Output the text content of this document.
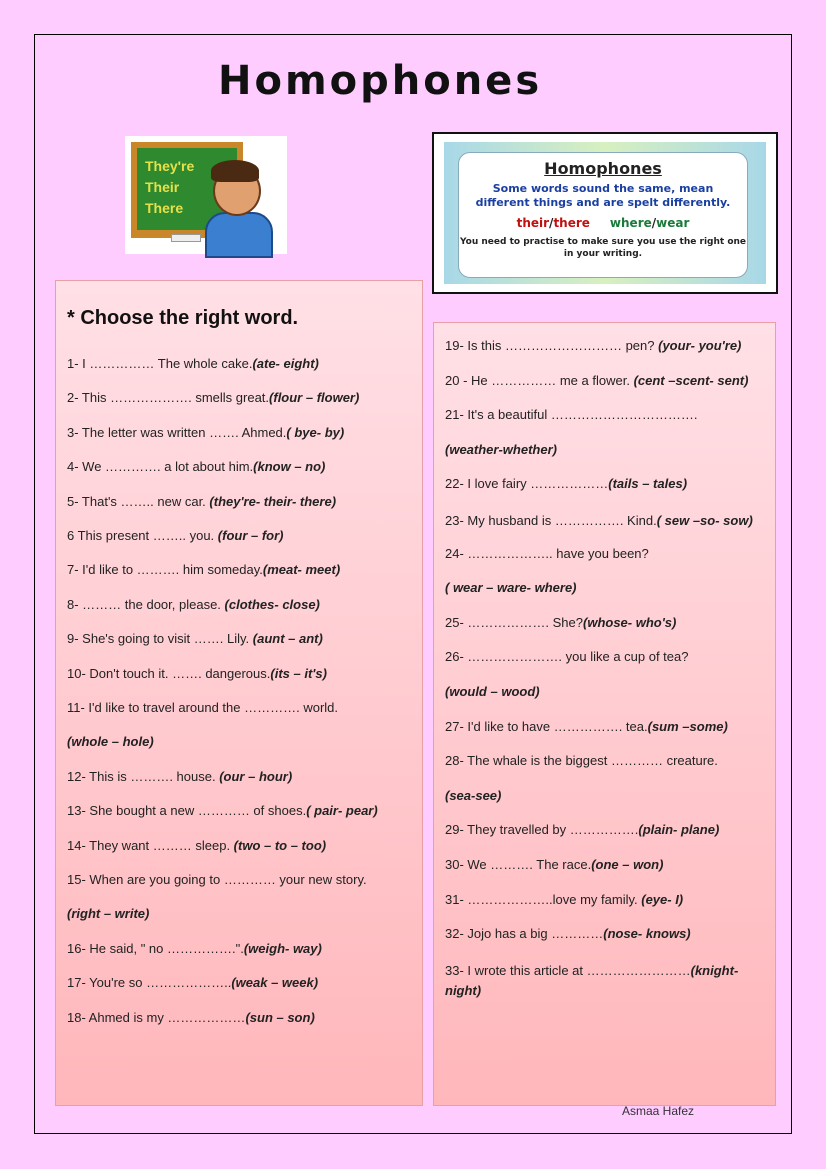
Homophones
They're
Their
There
Homophones
Some words sound the same, mean different things and are spelt differently.
their/there where/wear
You need to practise to make sure you use the right one in your writing.
* Choose the right word.
1- I …………… The whole cake.(ate- eight)
2- This ………………. smells great.(flour – flower)
3- The letter was written ……. Ahmed.( bye- by)
4- We …………. a lot about him.(know – no)
5- That's …….. new car. (they're- their- there)
6 This present …….. you. (four – for)
7- I'd like to ………. him someday.(meat- meet)
8- ……… the door, please. (clothes- close)
9- She's going to visit ……. Lily. (aunt – ant)
10- Don't touch it. ……. dangerous.(its – it's)
11- I'd like to travel around the …………. world.
(whole – hole)
12- This is ………. house. (our – hour)
13- She bought a new ………… of shoes.( pair- pear)
14- They want ……… sleep. (two – to – too)
15- When are you going to ………… your new story.
(right – write)
16- He said, " no …………….".(weigh- way)
17- You're so ………………..(weak – week)
18- Ahmed is my ………………(sun – son)
19- Is this ……………………… pen? (your- you're)
20 - He …………… me a flower. (cent –scent- sent)
21- It's a beautiful …………………………….
(weather-whether)
22- I love fairy ………………(tails – tales)
23- My husband is ……………. Kind.( sew –so- sow)
24- ……………….. have you been?
( wear – ware- where)
25- ………………. She?(whose- who's)
26- …………………. you like a cup of tea?
(would – wood)
27- I'd like to have ……………. tea.(sum –some)
28- The whale is the biggest ………… creature.
(sea-see)
29- They travelled by …………….(plain- plane)
30- We ………. The race.(one – won)
31- ………………..love my family. (eye- I)
32- Jojo has a big …………(nose- knows)
33- I wrote this article at ……………………(knight- night)
Asmaa Hafez
